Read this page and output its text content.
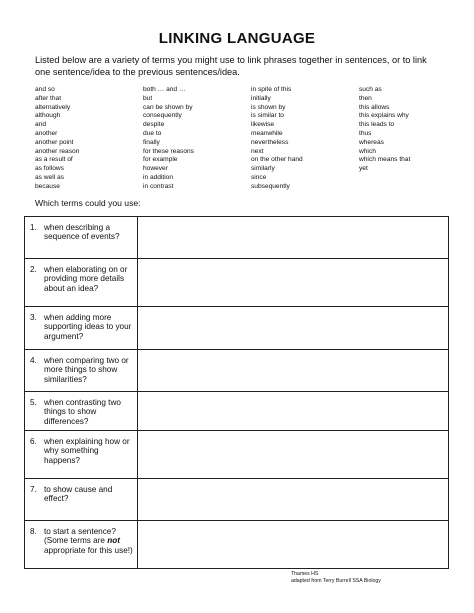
LINKING LANGUAGE
Listed below are a variety of terms you might use to link phrases together in sentences, or to link one sentence/idea to the previous sentences/idea.
and so
after that
alternatively
although
and
another
another point
another reason
as a result of
as follows
as well as
because
both … and …
but
can be shown by
consequently
despite
due to
finally
for these reasons
for example
however
in addition
in contrast
in spite of this
initially
is shown by
is similar to
likewise
meanwhile
nevertheless
next
on the other hand
similarly
since
subsequently
such as
then
this allows
this explains why
this leads to
thus
whereas
which
which means that
yet
Which terms could you use:
1. when describing a sequence of events?	

2. when elaborating on or providing more details about an idea?	

3. when adding more supporting ideas to your argument?	

4. when comparing two or more things to show similarities?	

5. when contrasting two things to show differences?	

6. when explaining how or why something happens?	

7. to show cause and effect?	

8. to start a sentence? (Some terms are not appropriate for this use!)	

Thames HS
adapted from Terry Burrell SSA Biology
